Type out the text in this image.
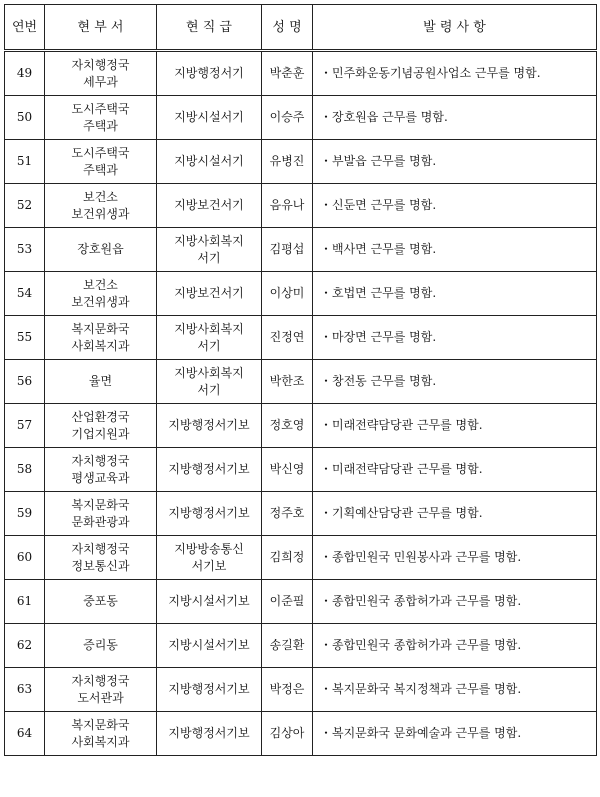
연번	현 부 서	현 직 급	성 명	발 령 사 항

49	자치행정국
세무과	지방행정서기	박춘훈	・민주화운동기념공원사업소 근무를 명함.

50	도시주택국
주택과	지방시설서기	이승주	・장호원읍 근무를 명함.

51	도시주택국
주택과	지방시설서기	유병진	・부발읍 근무를 명함.

52	보건소
보건위생과	지방보건서기	음유나	・신둔면 근무를 명함.

53	장호원읍	지방사회복지
서기	김평섭	・백사면 근무를 명함.

54	보건소
보건위생과	지방보건서기	이상미	・호법면 근무를 명함.

55	복지문화국
사회복지과	지방사회복지
서기	진정연	・마장면 근무를 명함.

56	율면	지방사회복지
서기	박한조	・창전동 근무를 명함.

57	산업환경국
기업지원과	지방행정서기보	정호영	・미래전략담당관 근무를 명함.

58	자치행정국
평생교육과	지방행정서기보	박신영	・미래전략담당관 근무를 명함.

59	복지문화국
문화관광과	지방행정서기보	정주호	・기획예산담당관 근무를 명함.

60	자치행정국
정보통신과	지방방송통신
서기보	김희정	・종합민원국 민원봉사과 근무를 명함.

61	중포동	지방시설서기보	이준필	・종합민원국 종합허가과 근무를 명함.

62	증리동	지방시설서기보	송길환	・종합민원국 종합허가과 근무를 명함.

63	자치행정국
도서관과	지방행정서기보	박정은	・복지문화국 복지정책과 근무를 명함.

64	복지문화국
사회복지과	지방행정서기보	김상아	・복지문화국 문화예술과 근무를 명함.
